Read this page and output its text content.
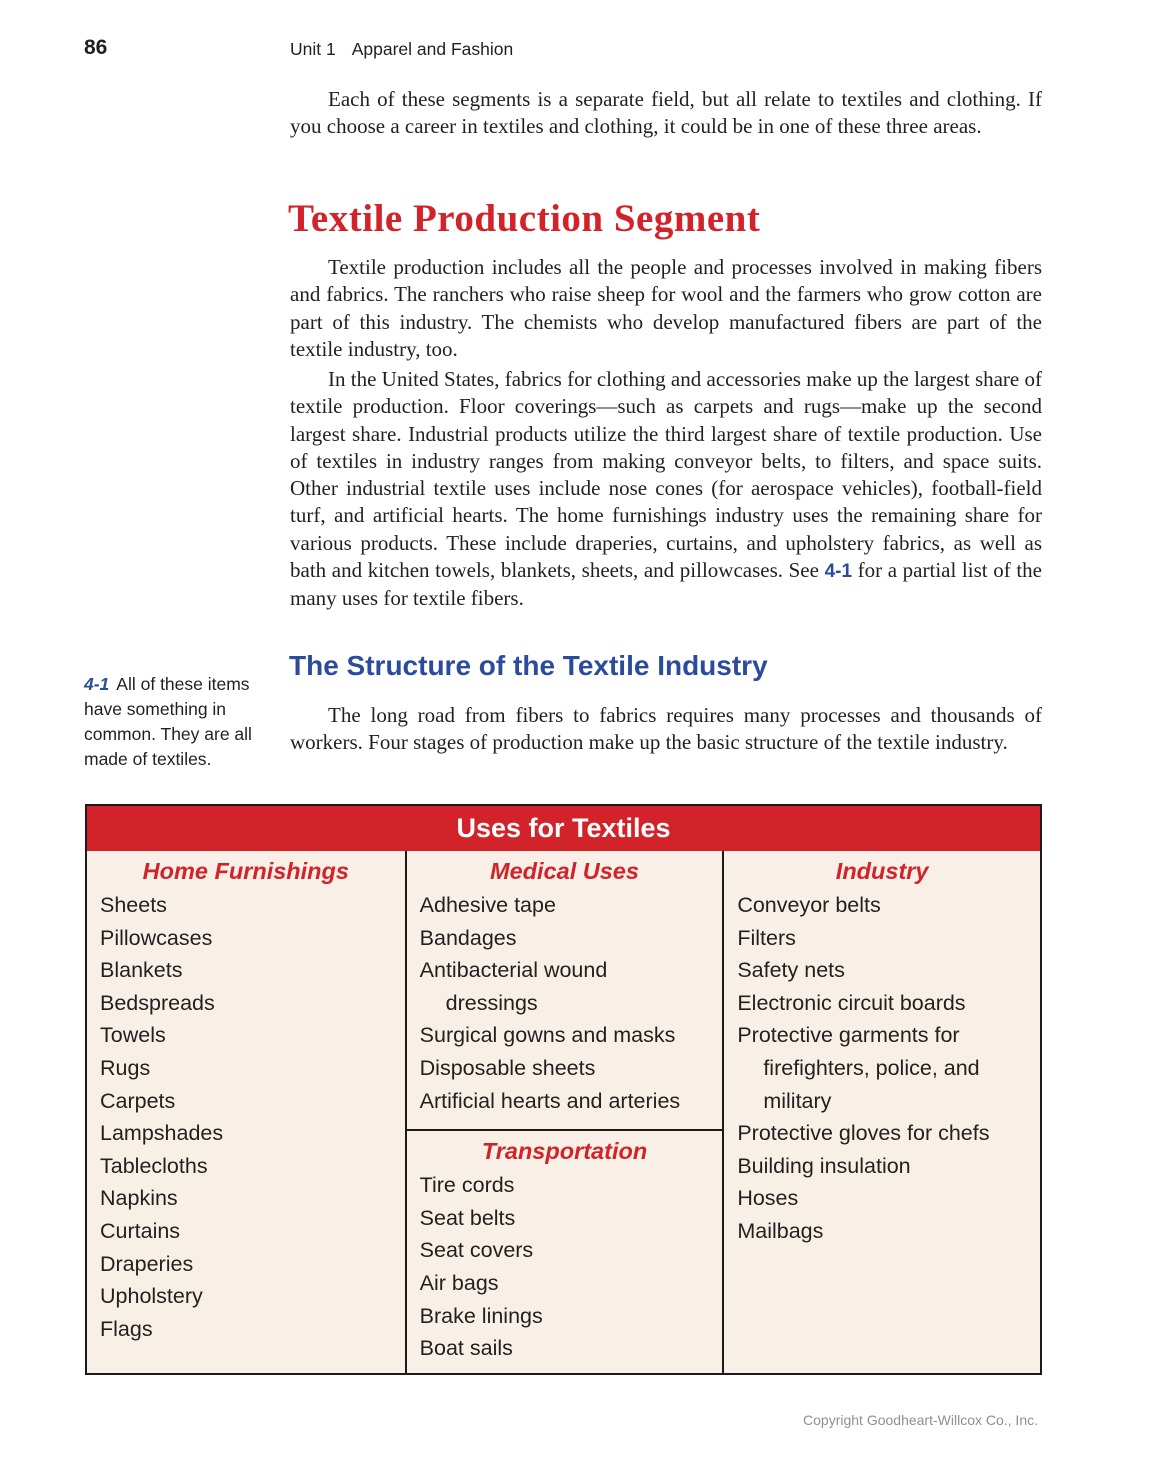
86	Unit 1 Apparel and Fashion

Each of these segments is a separate field, but all relate to textiles and clothing. If you choose a career in textiles and clothing, it could be in one of these three areas.

Textile Production Segment

Textile production includes all the people and processes involved in making fibers and fabrics. The ranchers who raise sheep for wool and the farmers who grow cotton are part of this industry. The chemists who develop manufactured fibers are part of the textile industry, too.

In the United States, fabrics for clothing and accessories make up the largest share of textile production. Floor coverings—such as carpets and rugs—make up the second largest share. Industrial products utilize the third largest share of textile production. Use of textiles in industry ranges from making conveyor belts, to filters, and space suits. Other industrial textile uses include nose cones (for aerospace vehicles), football-field turf, and artificial hearts. The home furnishings industry uses the remaining share for various products. These include draperies, curtains, and upholstery fabrics, as well as bath and kitchen towels, blankets, sheets, and pillowcases. See 4-1 for a partial list of the many uses for textile fibers.

The Structure of the Textile Industry
4-1 All of these items have something in common. They are all made of textiles.

The long road from fibers to fabrics requires many processes and thousands of workers. Four stages of production make up the basic structure of the textile industry.

Uses for Textiles
Home Furnishings
Sheets
Pillowcases
Blankets
Bedspreads
Towels
Rugs
Carpets
Lampshades
Tablecloths
Napkins
Curtains
Draperies
Upholstery
Flags
Medical Uses
Adhesive tape
Bandages
Antibacterial wound dressings
Surgical gowns and masks
Disposable sheets
Artificial hearts and arteries
Transportation
Tire cords
Seat belts
Seat covers
Air bags
Brake linings
Boat sails
Industry
Conveyor belts
Filters
Safety nets
Electronic circuit boards
Protective garments for firefighters, police, and military
Protective gloves for chefs
Building insulation
Hoses
Mailbags
Copyright Goodheart-Willcox Co., Inc.
